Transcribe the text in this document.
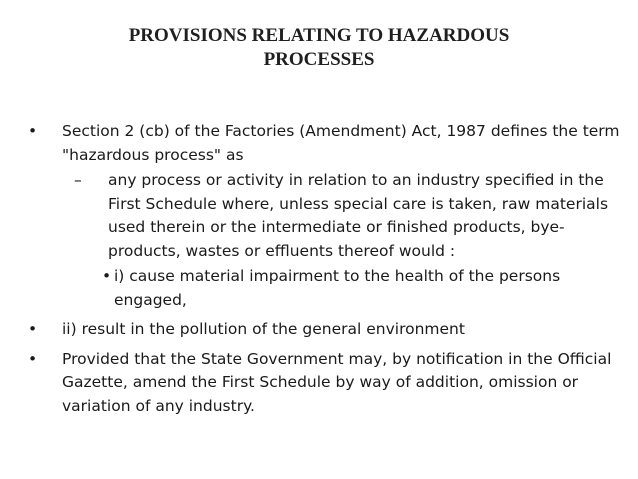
PROVISIONS RELATING TO HAZARDOUS
PROCESSES
• Section 2 (cb) of the Factories (Amendment) Act, 1987 defines the term "hazardous process" as
– any process or activity in relation to an industry specified in the First Schedule where, unless special care is taken, raw materials used therein or the intermediate or finished products, bye-products, wastes or effluents thereof would :
• i) cause material impairment to the health of the persons engaged,
• ii) result in the pollution of the general environment
• Provided that the State Government may, by notification in the Official Gazette, amend the First Schedule by way of addition, omission or variation of any industry.
